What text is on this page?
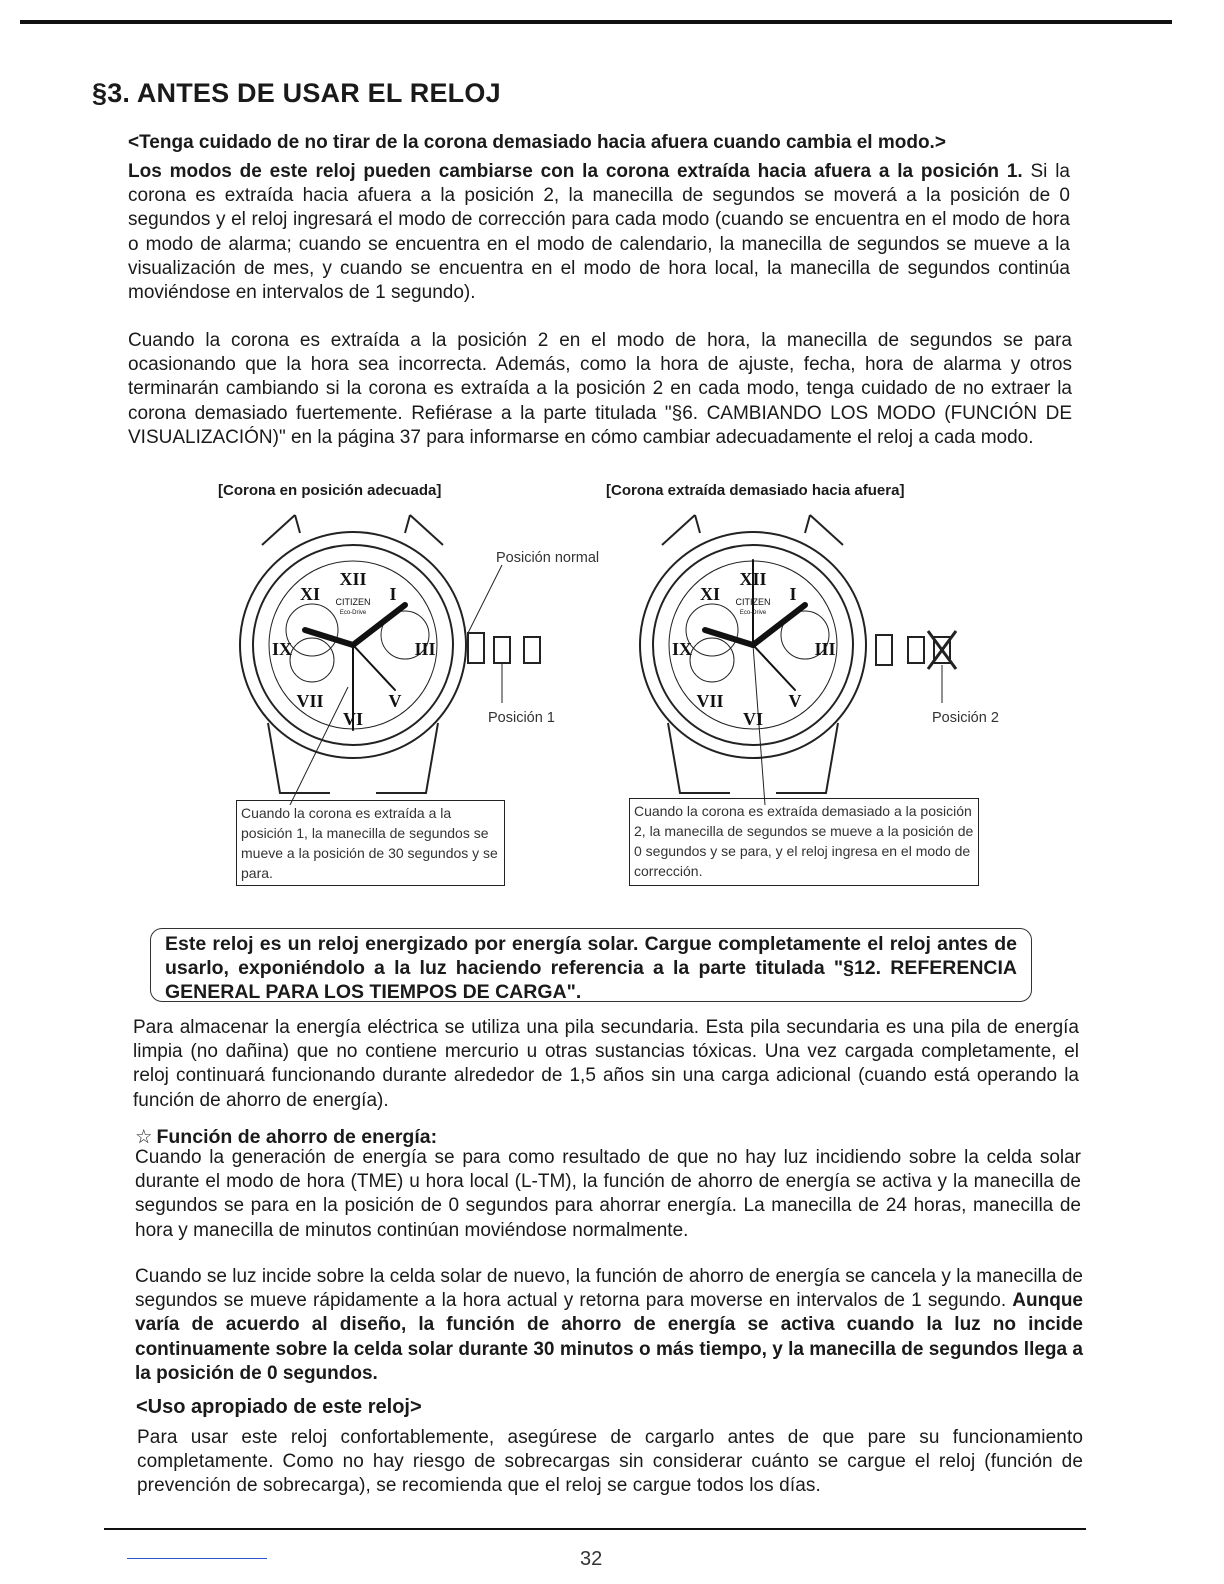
§3. ANTES DE USAR EL RELOJ
<Tenga cuidado de no tirar de la corona demasiado hacia afuera cuando cambia el modo.>
Los modos de este reloj pueden cambiarse con la corona extraída hacia afuera a la posición 1. Si la corona es extraída hacia afuera a la posición 2, la manecilla de segundos se moverá a la posición de 0 segundos y el reloj ingresará el modo de corrección para cada modo (cuando se encuentra en el modo de hora o modo de alarma; cuando se encuentra en el modo de calendario, la manecilla de segundos se mueve a la visualización de mes, y cuando se encuentra en el modo de hora local, la manecilla de segundos continúa moviéndose en intervalos de 1 segundo).
Cuando la corona es extraída a la posición 2 en el modo de hora, la manecilla de segundos se para ocasionando que la hora sea incorrecta. Además, como la hora de ajuste, fecha, hora de alarma y otros terminarán cambiando si la corona es extraída a la posición 2 en cada modo, tenga cuidado de no extraer la corona demasiado fuertemente. Refiérase a la parte titulada "§6. CAMBIANDO LOS MODO (FUNCIÓN DE VISUALIZACIÓN)" en la página 37 para informarse en cómo cambiar adecuadamente el reloj a cada modo.
[Corona en posición adecuada]	[Corona extraída demasiado hacia afuera]
XII
VI
IX	III
XI	I
VII	V
CITIZEN
Eco-Drive
XII
VI
IX	III
XI	I
VII	V
CITIZEN
Eco-Drive
Posición normal
Posición 1	Posición 2
Cuando la corona es extraída a la posición 1, la manecilla de segundos se mueve a la posición de 30 segundos y se para.
Cuando la corona es extraída demasiado a la posición 2, la manecilla de segundos se mueve a la posición de 0 segundos y se para, y el reloj ingresa en el modo de corrección.
Este reloj es un reloj energizado por energía solar. Cargue completamente el reloj antes de usarlo, exponiéndolo a la luz haciendo referencia a la parte titulada "§12. REFERENCIA GENERAL PARA LOS TIEMPOS DE CARGA".
Para almacenar la energía eléctrica se utiliza una pila secundaria. Esta pila secundaria es una pila de energía limpia (no dañina) que no contiene mercurio u otras sustancias tóxicas. Una vez cargada completamente, el reloj continuará funcionando durante alrededor de 1,5 años sin una carga adicional (cuando está operando la función de ahorro de energía).
☆ Función de ahorro de energía:
Cuando la generación de energía se para como resultado de que no hay luz incidiendo sobre la celda solar durante el modo de hora (TME) u hora local (L-TM), la función de ahorro de energía se activa y la manecilla de segundos se para en la posición de 0 segundos para ahorrar energía. La manecilla de 24 horas, manecilla de hora y manecilla de minutos continúan moviéndose normalmente.
Cuando se luz incide sobre la celda solar de nuevo, la función de ahorro de energía se cancela y la manecilla de segundos se mueve rápidamente a la hora actual y retorna para moverse en intervalos de 1 segundo. Aunque varía de acuerdo al diseño, la función de ahorro de energía se activa cuando la luz no incide continuamente sobre la celda solar durante 30 minutos o más tiempo, y la manecilla de segundos llega a la posición de 0 segundos.
<Uso apropiado de este reloj>
Para usar este reloj confortablemente, asegúrese de cargarlo antes de que pare su funcionamiento completamente. Como no hay riesgo de sobrecargas sin considerar cuánto se cargue el reloj (función de prevención de sobrecarga), se recomienda que el reloj se cargue todos los días.
32
